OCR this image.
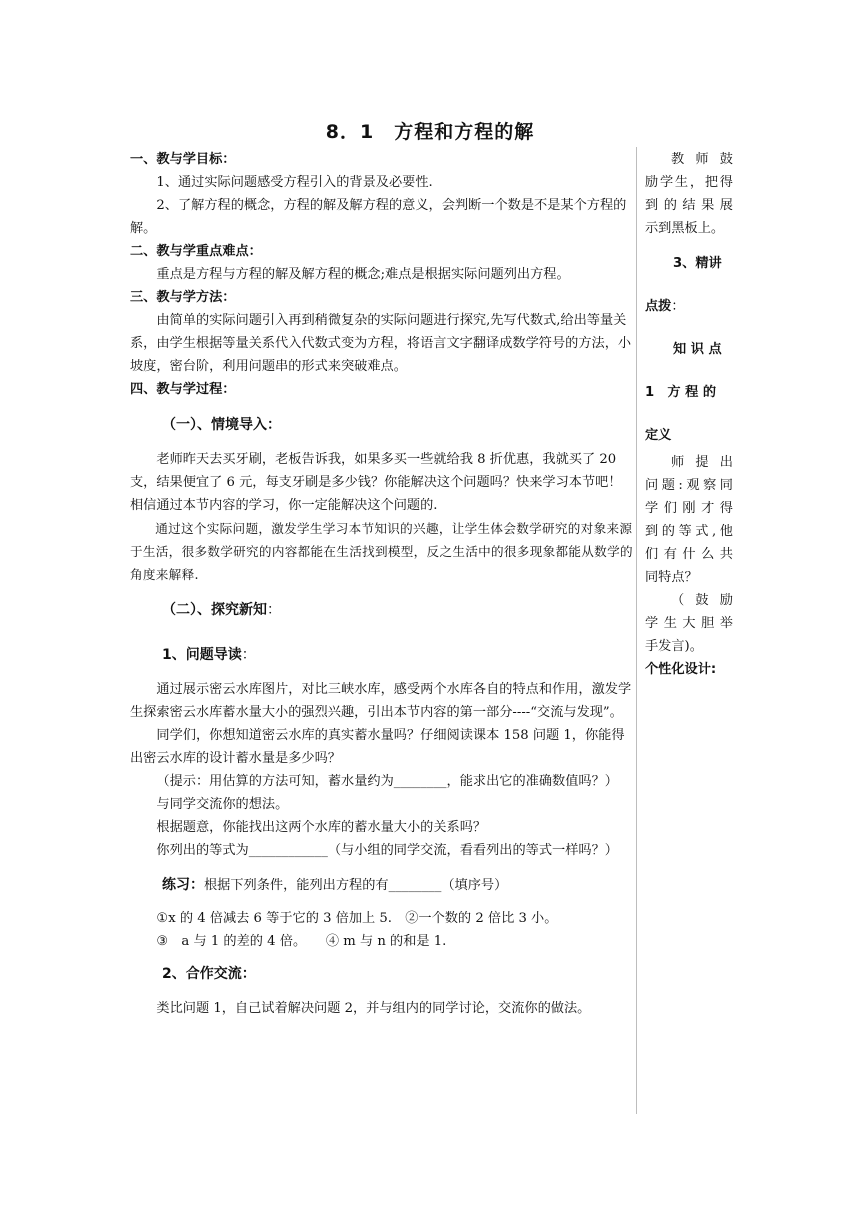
8．1　方程和方程的解

一、教与学目标：

1、通过实际问题感受方程引入的背景及必要性.

2、了解方程的概念，方程的解及解方程的意义，会判断一个数是不是某个方程的解。

二、教与学重点难点：

重点是方程与方程的解及解方程的概念;难点是根据实际问题列出方程。

三、教与学方法：

由简单的实际问题引入再到稍微复杂的实际问题进行探究,先写代数式,给出等量关系，由学生根据等量关系代入代数式变为方程，将语言文字翻译成数学符号的方法，小坡度，密台阶，利用问题串的形式来突破难点。

四、教与学过程：

（一）、情境导入：

老师昨天去买牙刷，老板告诉我，如果多买一些就给我 8 折优惠，我就买了 20 支，结果便宜了 6 元，每支牙刷是多少钱？你能解决这个问题吗？快来学习本节吧！相信通过本节内容的学习，你一定能解决这个问题的.

通过这个实际问题，激发学生学习本节知识的兴趣，让学生体会数学研究的对象来源于生活，很多数学研究的内容都能在生活找到模型，反之生活中的很多现象都能从数学的角度来解释.

（二）、探究新知：

1、问题导读：

通过展示密云水库图片，对比三峡水库，感受两个水库各自的特点和作用，激发学生探索密云水库蓄水量大小的强烈兴趣，引出本节内容的第一部分----“交流与发现”。

同学们，你想知道密云水库的真实蓄水量吗？仔细阅读课本 158 问题 1，你能得出密云水库的设计蓄水量是多少吗？

（提示：用估算的方法可知，蓄水量约为________，能求出它的准确数值吗？）

与同学交流你的想法。

根据题意，你能找出这两个水库的蓄水量大小的关系吗？

你列出的等式为____________（与小组的同学交流，看看列出的等式一样吗？）

练习：根据下列条件，能列出方程的有________（填序号）

①x 的 4 倍减去 6 等于它的 3 倍加上 5.　②一个数的 2 倍比 3 小。

③　a 与 1 的差的 4 倍。　　④ m 与 n 的和是 1.

2、合作交流：

类比问题 1，自己试着解决问题 2，并与组内的同学讨论，交流你的做法。

教 师 鼓

励学生，把得

到 的 结 果 展

示到黑板上。

3、精讲

点拨：

知 识 点

1　方 程 的

定义

师 提 出

问题:观察同

学 们 刚 才 得

到的等式,他

们 有 什 么 共

同特点？

（ 鼓 励

学 生 大 胆 举

手发言)。

个性化设计:
